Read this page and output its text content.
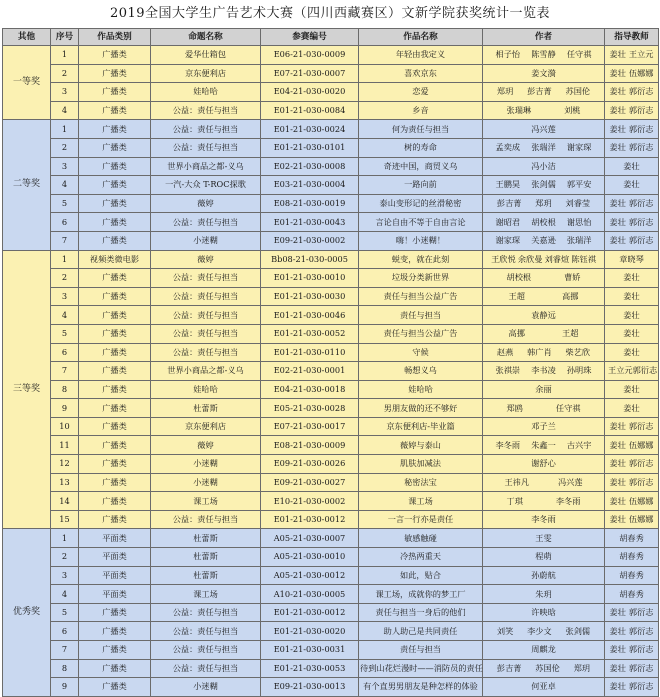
2019全国大学生广告艺术大赛（四川西藏赛区）文新学院获奖统计一览表
其他	序号	作品类别	命题名称	参赛编号	作品名称	作者	指导教师
一等奖	1	广播类	爱华仕箱包	E06-21-030-0009	年轻由我定义	相子怡 陈雪静 任守祺	姜壮 王立元

	2	广播类	京东便利店	E07-21-030-0007	喜欢京东	姜文漪	姜壮 伍娜娜

	3	广播类	娃哈哈	E04-21-030-0020	恋爱	郑玥 彭吉菁 苏国伦	姜壮 郭衍志

	4	广播类	公益：责任与担当	E01-21-030-0084	乡音	张瑞琳 刘桃	姜壮 郭衍志

二等奖	1	广播类	公益：责任与担当	E01-21-030-0024	何为责任与担当	冯兴莲	姜壮 郭衍志

	2	广播类	公益：责任与担当	E01-21-030-0101	树的寿命	孟奕成 张瑞洋 谢家琛	姜壮 郭衍志

	3	广播类	世界小商品之都-义乌	E02-21-030-0008	奇迹中国，商贸义乌	冯小洁	姜壮

	4	广播类	一汽-大众 T-ROC探歌	E03-21-030-0004	一路向前	王鹏昊 张剑儒 郭平安	姜壮

	5	广播类	薇婷	E08-21-030-0019	泰山变形记的丝滑秘密	彭吉菁 郑玥 刘睿莹	姜壮 郭衍志

	6	广播类	公益：责任与担当	E01-21-030-0043	言论自由不等于自由言论	谢昭君 胡校根 谢思怡	姜壮 郭衍志

	7	广播类	小迷糊	E09-21-030-0002	嗨！小迷糊！	谢家琛 关嘉逊 张瑞洋	姜壮 郭衍志

三等奖	1	视频类微电影	薇婷	Bb08-21-030-0005	蜕变，就在此刻	王欣悦 余欣曼 刘睿煊 陈钰祺	章晓琴

	2	广播类	公益：责任与担当	E01-21-030-0010	垃圾分类新世界	胡校根 曹娇	姜壮

	3	广播类	公益：责任与担当	E01-21-030-0030	责任与担当公益广告	王超 高挪	姜壮

	4	广播类	公益：责任与担当	E01-21-030-0046	责任与担当	袁静远	姜壮

	5	广播类	公益：责任与担当	E01-21-030-0052	责任与担当公益广告	高挪 王超	姜壮

	6	广播类	公益：责任与担当	E01-21-030-0110	守候	赵燕 韩广肖 柴艺欣	姜壮

	7	广播类	世界小商品之都-义乌	E02-21-030-0001	畅想义乌	张祺崇 李书凌 孙明珠	王立元 郭衍志

	8	广播类	娃哈哈	E04-21-030-0018	娃哈哈	余丽	姜壮

	9	广播类	杜蕾斯	E05-21-030-0028	男朋友做的还不够好	郑鸥 任守祺	姜壮

	10	广播类	京东便利店	E07-21-030-0017	京东便利店-毕业篇	邓子兰	姜壮 郭衍志

	11	广播类	薇婷	E08-21-030-0009	薇婷与泰山	李冬雨 朱鑫一 古兴宇	姜壮 伍娜娜

	12	广播类	小迷糊	E09-21-030-0026	肌肤加减法	谢舒心	姜壮 郭衍志

	13	广播类	小迷糊	E09-21-030-0027	秘密法宝	王祎凡 冯兴莲	姜壮 郭衍志

	14	广播类	课工场	E10-21-030-0002	课工场	丁琪 李冬雨	姜壮 伍娜娜

	15	广播类	公益：责任与担当	E01-21-030-0012	一言一行亦是责任	李冬雨	姜壮 伍娜娜

优秀奖	1	平面类	杜蕾斯	A05-21-030-0007	敏感触碰	王雯	胡春秀

	2	平面类	杜蕾斯	A05-21-030-0010	冷热两重天	程萌	胡春秀

	3	平面类	杜蕾斯	A05-21-030-0012	如此，贴合	孙蔚航	胡春秀

	4	平面类	课工场	A10-21-030-0005	课工场，成就你的梦工厂	朱玥	胡春秀

	5	广播类	公益：责任与担当	E01-21-030-0012	责任与担当一身后的他们	许映晗	姜壮 郭衍志

	6	广播类	公益：责任与担当	E01-21-030-0020	助人助己是共同责任	刘笑 李少文 张剑儒	姜壮 郭衍志

	7	广播类	公益：责任与担当	E01-21-030-0031	责任与担当	周麒龙	姜壮 郭衍志

	8	广播类	公益：责任与担当	E01-21-030-0053	待到山花烂漫时——消防员的责任	彭吉菁 苏国伦 郑玥	姜壮 郭衍志

	9	广播类	小迷糊	E09-21-030-0013	有个直男男朋友是种怎样的体验	何亚卓	姜壮 郭衍志
